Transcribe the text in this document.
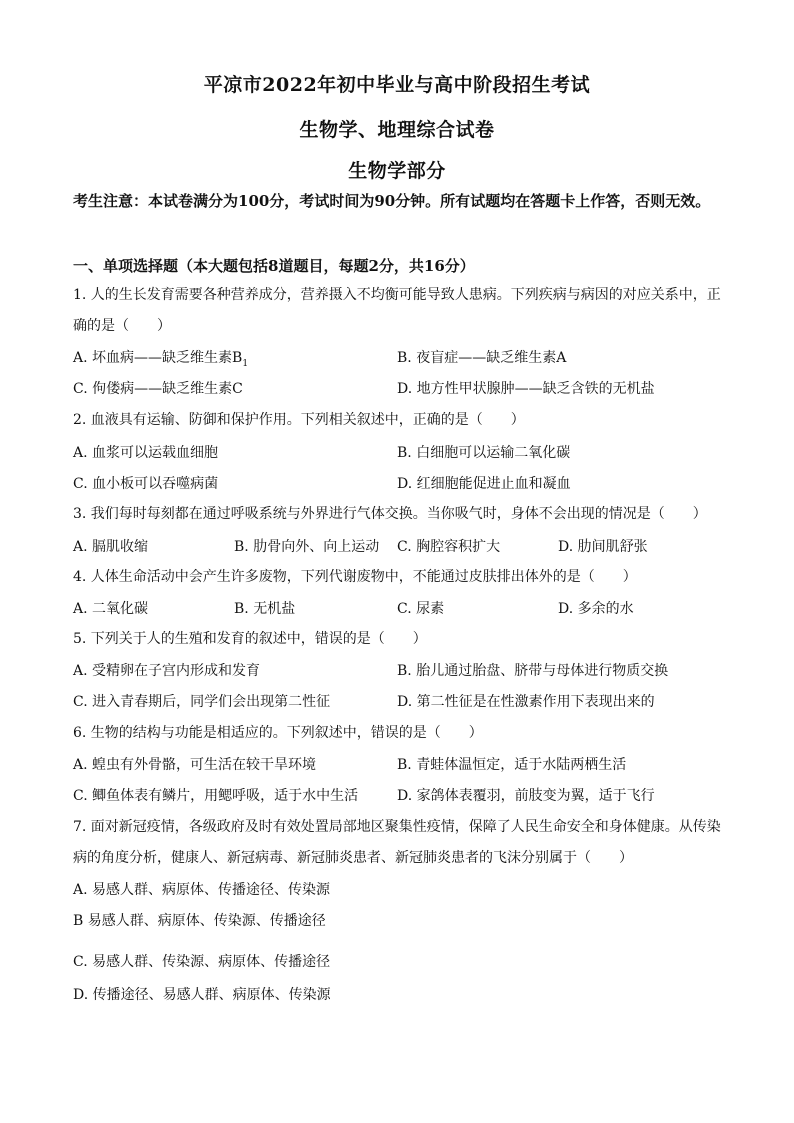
平凉市2022年初中毕业与高中阶段招生考试
生物学、地理综合试卷
生物学部分
考生注意：本试卷满分为100分，考试时间为90分钟。所有试题均在答题卡上作答，否则无效。
一、单项选择题（本大题包括8道题目，每题2分，共16分）
1. 人的生长发育需要各种营养成分，营养摄入不均衡可能导致人患病。下列疾病与病因的对应关系中，正确的是（　　）
A. 坏血病——缺乏维生素$B_1$	B. 夜盲症——缺乏维生素A
C. 佝偻病——缺乏维生素C	D. 地方性甲状腺肿——缺乏含铁的无机盐
2. 血液具有运输、防御和保护作用。下列相关叙述中，正确的是（　　）
A. 血浆可以运载血细胞	B. 白细胞可以运输二氧化碳
C. 血小板可以吞噬病菌	D. 红细胞能促进止血和凝血
3. 我们每时每刻都在通过呼吸系统与外界进行气体交换。当你吸气时，身体不会出现的情况是（　　）
A. 膈肌收缩	B. 肋骨向外、向上运动 C. 胸腔容积扩大	D. 肋间肌舒张
4. 人体生命活动中会产生许多废物，下列代谢废物中，不能通过皮肤排出体外的是（　　）
A. 二氧化碳	B. 无机盐	C. 尿素	D. 多余的水
5. 下列关于人的生殖和发育的叙述中，错误的是（　　）
A. 受精卵在子宫内形成和发育	B. 胎儿通过胎盘、脐带与母体进行物质交换
C. 进入青春期后，同学们会出现第二性征	D. 第二性征是在性激素作用下表现出来的
6. 生物的结构与功能是相适应的。下列叙述中，错误的是（　　）
A. 蝗虫有外骨骼，可生活在较干旱环境	B. 青蛙体温恒定，适于水陆两栖生活
C. 鲫鱼体表有鳞片，用鳃呼吸，适于水中生活	D. 家鸽体表覆羽，前肢变为翼，适于飞行
7. 面对新冠疫情，各级政府及时有效处置局部地区聚集性疫情，保障了人民生命安全和身体健康。从传染病的角度分析，健康人、新冠病毒、新冠肺炎患者、新冠肺炎患者的飞沫分别属于（　　）
A. 易感人群、病原体、传播途径、传染源
B 易感人群、病原体、传染源、传播途径
C. 易感人群、传染源、病原体、传播途径
D. 传播途径、易感人群、病原体、传染源
